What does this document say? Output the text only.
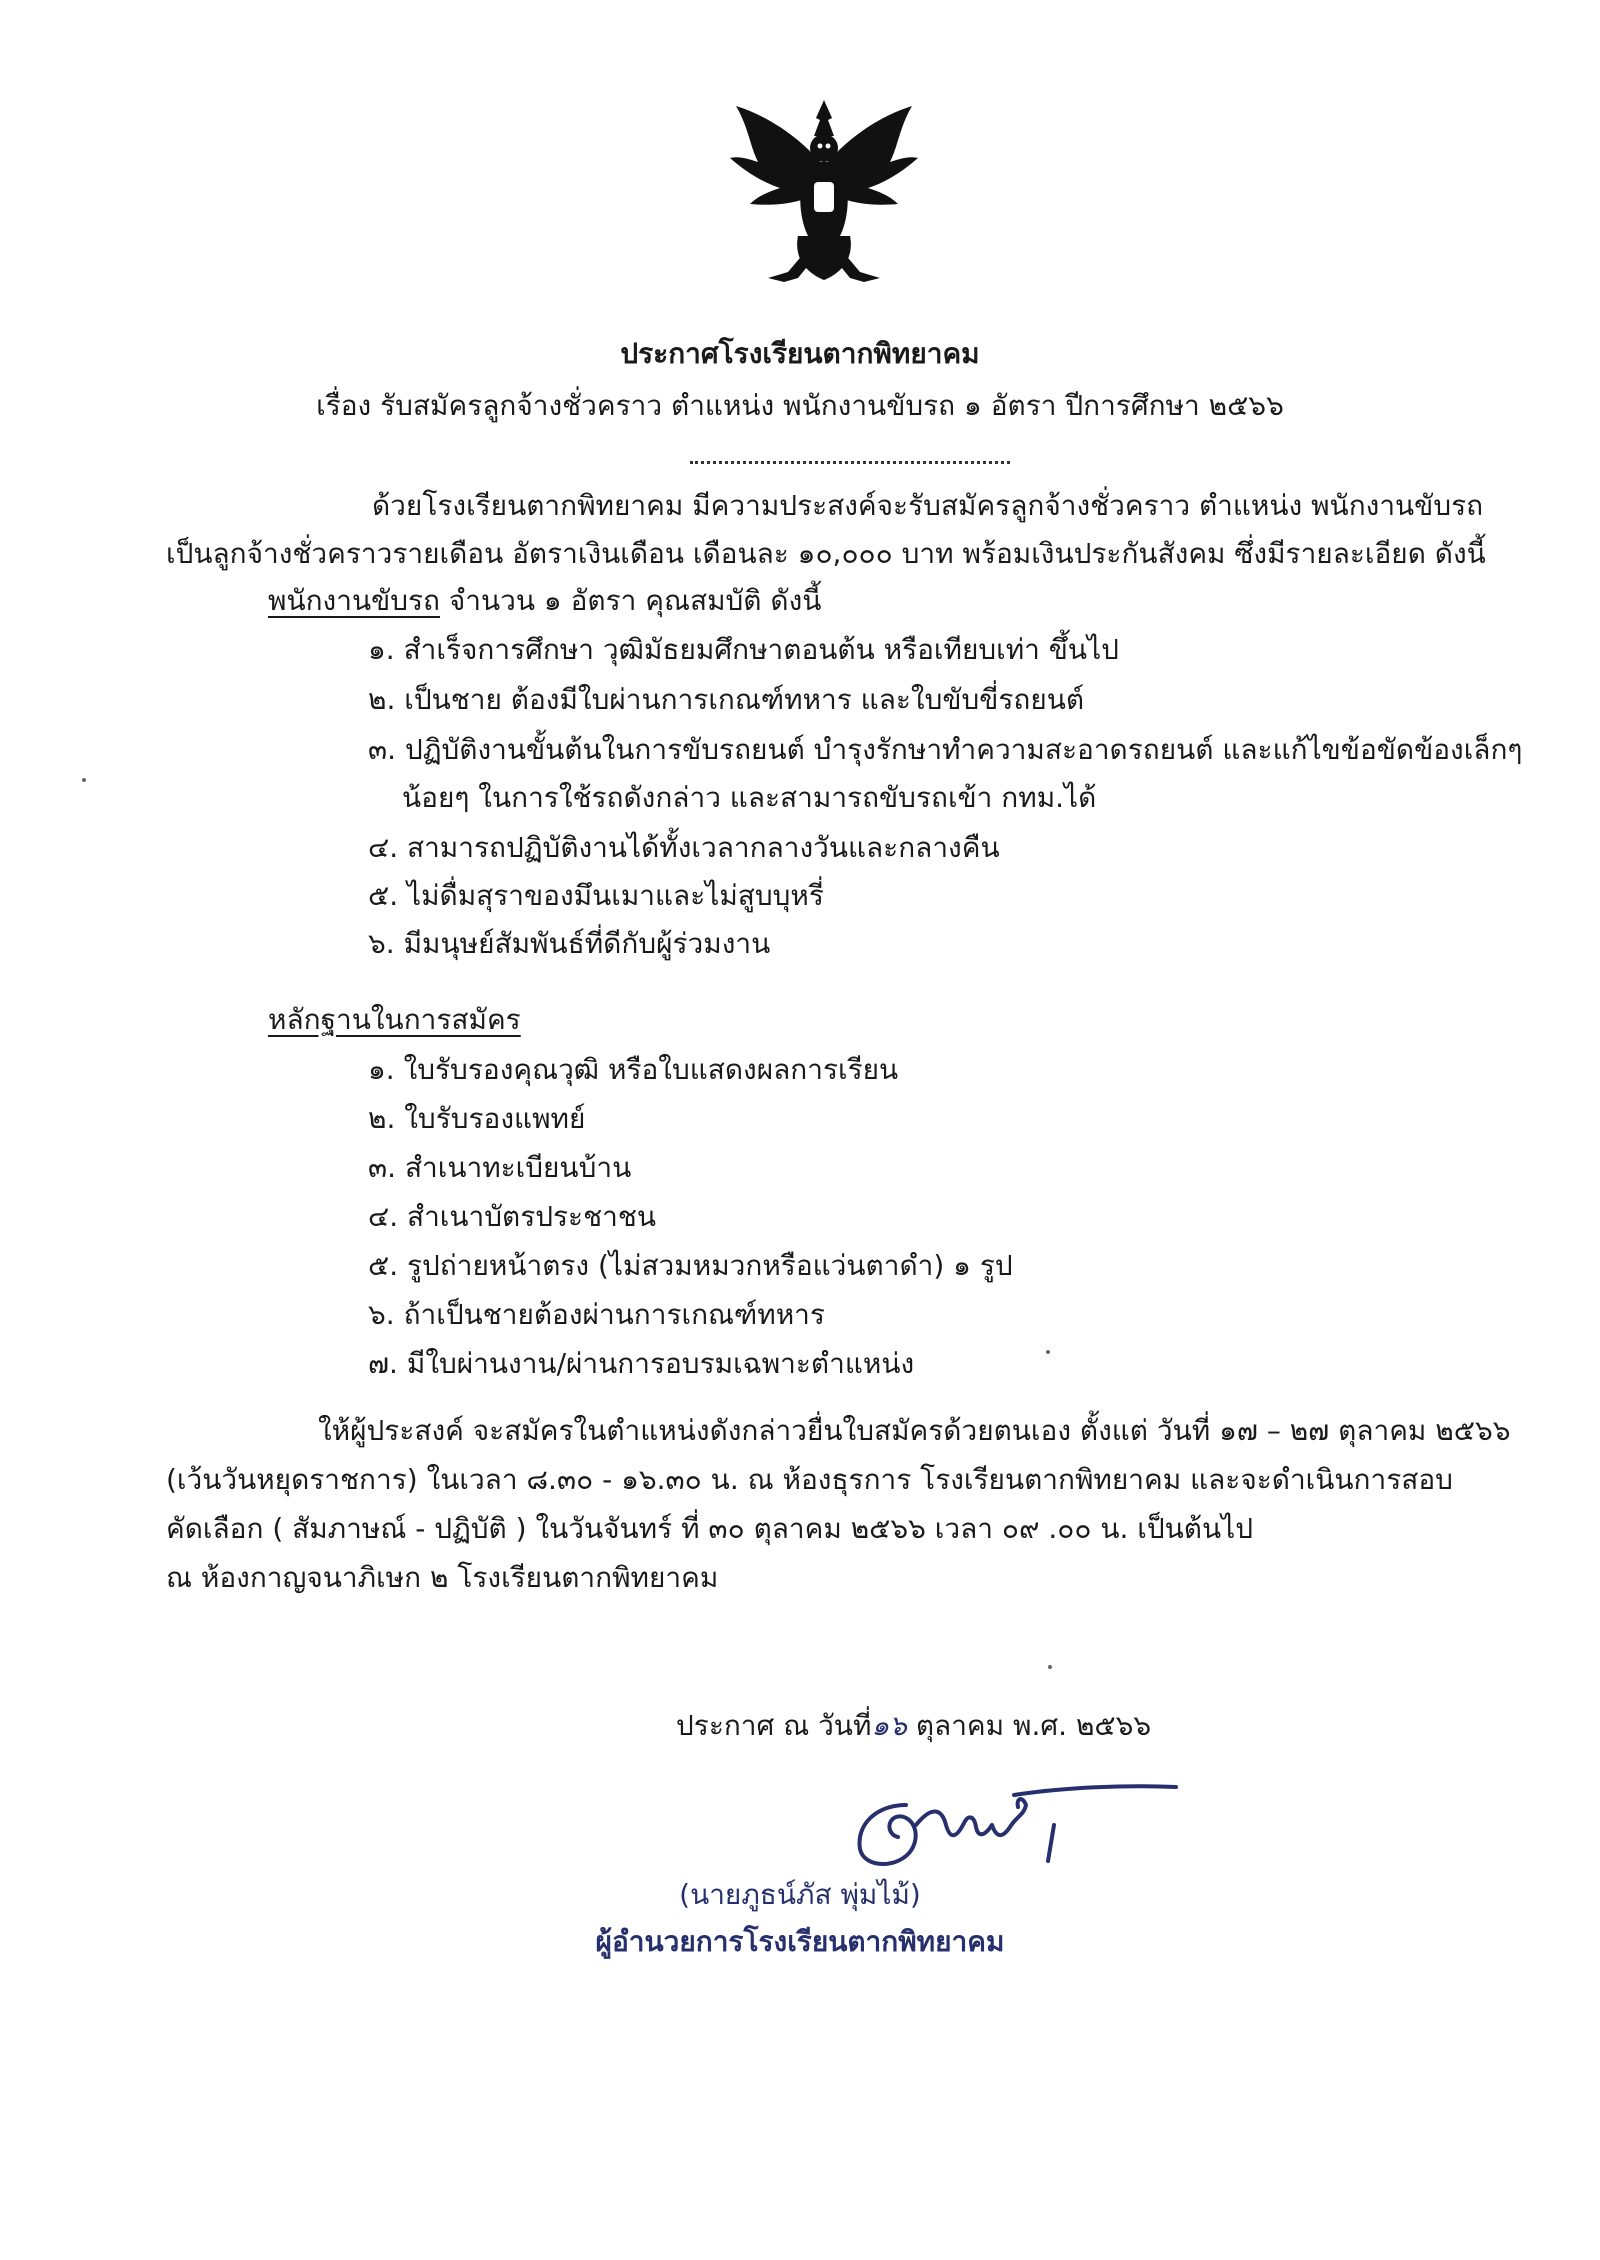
ประกาศโรงเรียนตากพิทยาคม
เรื่อง รับสมัครลูกจ้างชั่วคราว ตำแหน่ง พนักงานขับรถ ๑ อัตรา ปีการศึกษา ๒๕๖๖
ด้วยโรงเรียนตากพิทยาคม มีความประสงค์จะรับสมัครลูกจ้างชั่วคราว ตำแหน่ง พนักงานขับรถ
เป็นลูกจ้างชั่วคราวรายเดือน อัตราเงินเดือน เดือนละ ๑๐,๐๐๐ บาท พร้อมเงินประกันสังคม ซึ่งมีรายละเอียด ดังนี้
พนักงานขับรถ จำนวน ๑ อัตรา คุณสมบัติ ดังนี้
๑. สำเร็จการศึกษา วุฒิมัธยมศึกษาตอนต้น หรือเทียบเท่า ขึ้นไป
๒. เป็นชาย ต้องมีใบผ่านการเกณฑ์ทหาร และใบขับขี่รถยนต์
๓. ปฏิบัติงานขั้นต้นในการขับรถยนต์ บำรุงรักษาทำความสะอาดรถยนต์ และแก้ไขข้อขัดข้องเล็กๆ
น้อยๆ ในการใช้รถดังกล่าว และสามารถขับรถเข้า กทม.ได้
๔. สามารถปฏิบัติงานได้ทั้งเวลากลางวันและกลางคืน
๕. ไม่ดื่มสุราของมึนเมาและไม่สูบบุหรี่
๖. มีมนุษย์สัมพันธ์ที่ดีกับผู้ร่วมงาน
หลักฐานในการสมัคร
๑. ใบรับรองคุณวุฒิ หรือใบแสดงผลการเรียน
๒. ใบรับรองแพทย์
๓. สำเนาทะเบียนบ้าน
๔. สำเนาบัตรประชาชน
๕. รูปถ่ายหน้าตรง (ไม่สวมหมวกหรือแว่นตาดำ) ๑ รูป
๖. ถ้าเป็นชายต้องผ่านการเกณฑ์ทหาร
๗. มีใบผ่านงาน/ผ่านการอบรมเฉพาะตำแหน่ง
ให้ผู้ประสงค์ จะสมัครในตำแหน่งดังกล่าวยื่นใบสมัครด้วยตนเอง ตั้งแต่ วันที่ ๑๗ – ๒๗ ตุลาคม ๒๕๖๖
(เว้นวันหยุดราชการ) ในเวลา ๘.๓๐ - ๑๖.๓๐ น. ณ ห้องธุรการ โรงเรียนตากพิทยาคม และจะดำเนินการสอบ
คัดเลือก ( สัมภาษณ์ - ปฏิบัติ ) ในวันจันทร์ ที่ ๓๐ ตุลาคม ๒๕๖๖ เวลา ๐๙ .๐๐ น. เป็นต้นไป
ณ ห้องกาญจนาภิเษก ๒ โรงเรียนตากพิทยาคม
ประกาศ ณ วันที่๑๖ ตุลาคม พ.ศ. ๒๕๖๖
(นายภูธน์ภัส พุ่มไม้)
ผู้อำนวยการโรงเรียนตากพิทยาคม
